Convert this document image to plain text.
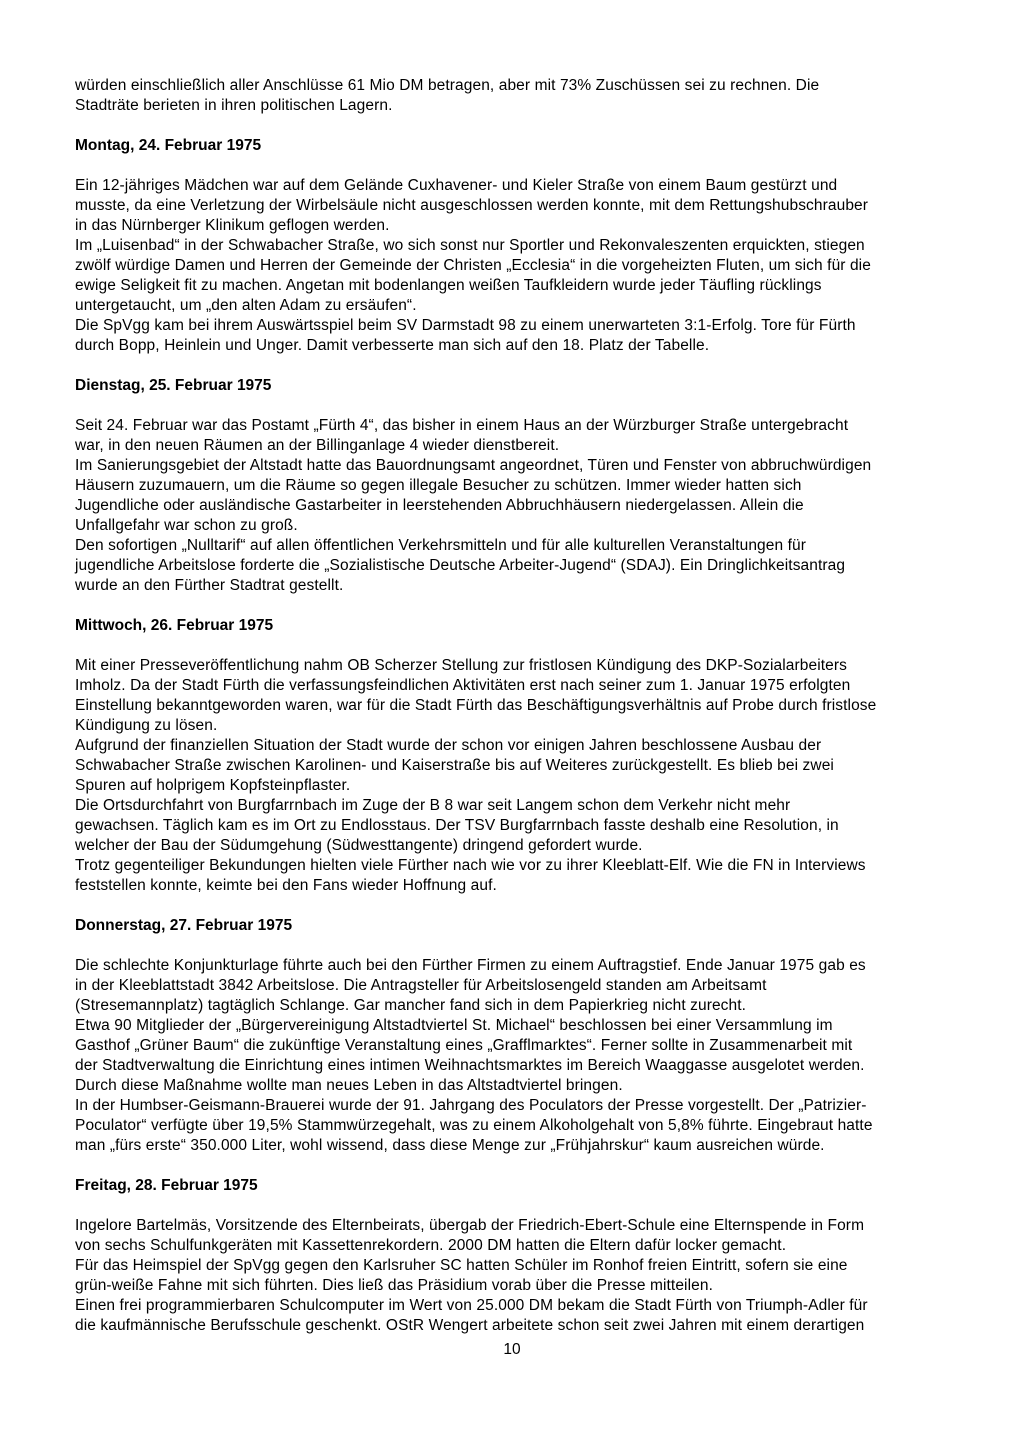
würden einschließlich aller Anschlüsse 61 Mio DM betragen, aber mit 73% Zuschüssen sei zu rechnen. Die
Stadträte berieten in ihren politischen Lagern.
Montag, 24. Februar 1975
Ein 12-jähriges Mädchen war auf dem Gelände Cuxhavener- und Kieler Straße von einem Baum gestürzt und
musste, da eine Verletzung der Wirbelsäule nicht ausgeschlossen werden konnte, mit dem Rettungshubschrauber
in das Nürnberger Klinikum geflogen werden.
Im „Luisenbad“ in der Schwabacher Straße, wo sich sonst nur Sportler und Rekonvaleszenten erquickten, stiegen
zwölf würdige Damen und Herren der Gemeinde der Christen „Ecclesia“ in die vorgeheizten Fluten, um sich für die
ewige Seligkeit fit zu machen. Angetan mit bodenlangen weißen Taufkleidern wurde jeder Täufling rücklings
untergetaucht, um „den alten Adam zu ersäufen“.
Die SpVgg kam bei ihrem Auswärtsspiel beim SV Darmstadt 98 zu einem unerwarteten 3:1-Erfolg. Tore für Fürth
durch Bopp, Heinlein und Unger. Damit verbesserte man sich auf den 18. Platz der Tabelle.
Dienstag, 25. Februar 1975
Seit 24. Februar war das Postamt „Fürth 4“, das bisher in einem Haus an der Würzburger Straße untergebracht
war, in den neuen Räumen an der Billinganlage 4 wieder dienstbereit.
Im Sanierungsgebiet der Altstadt hatte das Bauordnungsamt angeordnet, Türen und Fenster von abbruchwürdigen
Häusern zuzumauern, um die Räume so gegen illegale Besucher zu schützen. Immer wieder hatten sich
Jugendliche oder ausländische Gastarbeiter in leerstehenden Abbruchhäusern niedergelassen. Allein die
Unfallgefahr war schon zu groß.
Den sofortigen „Nulltarif“ auf allen öffentlichen Verkehrsmitteln und für alle kulturellen Veranstaltungen für
jugendliche Arbeitslose forderte die „Sozialistische Deutsche Arbeiter-Jugend“ (SDAJ). Ein Dringlichkeitsantrag
wurde an den Fürther Stadtrat gestellt.
Mittwoch, 26. Februar 1975
Mit einer Presseveröffentlichung nahm OB Scherzer Stellung zur fristlosen Kündigung des DKP-Sozialarbeiters
Imholz. Da der Stadt Fürth die verfassungsfeindlichen Aktivitäten erst nach seiner zum 1. Januar 1975 erfolgten
Einstellung bekanntgeworden waren, war für die Stadt Fürth das Beschäftigungsverhältnis auf Probe durch fristlose
Kündigung zu lösen.
Aufgrund der finanziellen Situation der Stadt wurde der schon vor einigen Jahren beschlossene Ausbau der
Schwabacher Straße zwischen Karolinen- und Kaiserstraße bis auf Weiteres zurückgestellt. Es blieb bei zwei
Spuren auf holprigem Kopfsteinpflaster.
Die Ortsdurchfahrt von Burgfarrnbach im Zuge der B 8 war seit Langem schon dem Verkehr nicht mehr
gewachsen. Täglich kam es im Ort zu Endlosstaus. Der TSV Burgfarrnbach fasste deshalb eine Resolution, in
welcher der Bau der Südumgehung (Südwesttangente) dringend gefordert wurde.
Trotz gegenteiliger Bekundungen hielten viele Fürther nach wie vor zu ihrer Kleeblatt-Elf. Wie die FN in Interviews
feststellen konnte, keimte bei den Fans wieder Hoffnung auf.
Donnerstag, 27. Februar 1975
Die schlechte Konjunkturlage führte auch bei den Fürther Firmen zu einem Auftragstief. Ende Januar 1975 gab es
in der Kleeblattstadt 3842 Arbeitslose. Die Antragsteller für Arbeitslosengeld standen am Arbeitsamt
(Stresemannplatz) tagtäglich Schlange. Gar mancher fand sich in dem Papierkrieg nicht zurecht.
Etwa 90 Mitglieder der „Bürgervereinigung Altstadtviertel St. Michael“ beschlossen bei einer Versammlung im
Gasthof „Grüner Baum“ die zukünftige Veranstaltung eines „Grafflmarktes“. Ferner sollte in Zusammenarbeit mit
der Stadtverwaltung die Einrichtung eines intimen Weihnachtsmarktes im Bereich Waaggasse ausgelotet werden.
Durch diese Maßnahme wollte man neues Leben in das Altstadtviertel bringen.
In der Humbser-Geismann-Brauerei wurde der 91. Jahrgang des Poculators der Presse vorgestellt. Der „Patrizier-
Poculator“ verfügte über 19,5% Stammwürzegehalt, was zu einem Alkoholgehalt von 5,8% führte. Eingebraut hatte
man „fürs erste“ 350.000 Liter, wohl wissend, dass diese Menge zur „Frühjahrskur“ kaum ausreichen würde.
Freitag, 28. Februar 1975
Ingelore Bartelmäs, Vorsitzende des Elternbeirats, übergab der Friedrich-Ebert-Schule eine Elternspende in Form
von sechs Schulfunkgeräten mit Kassettenrekordern. 2000 DM hatten die Eltern dafür locker gemacht.
Für das Heimspiel der SpVgg gegen den Karlsruher SC hatten Schüler im Ronhof freien Eintritt, sofern sie eine
grün-weiße Fahne mit sich führten. Dies ließ das Präsidium vorab über die Presse mitteilen.
Einen frei programmierbaren Schulcomputer im Wert von 25.000 DM bekam die Stadt Fürth von Triumph-Adler für
die kaufmännische Berufsschule geschenkt. OStR Wengert arbeitete schon seit zwei Jahren mit einem derartigen
10
